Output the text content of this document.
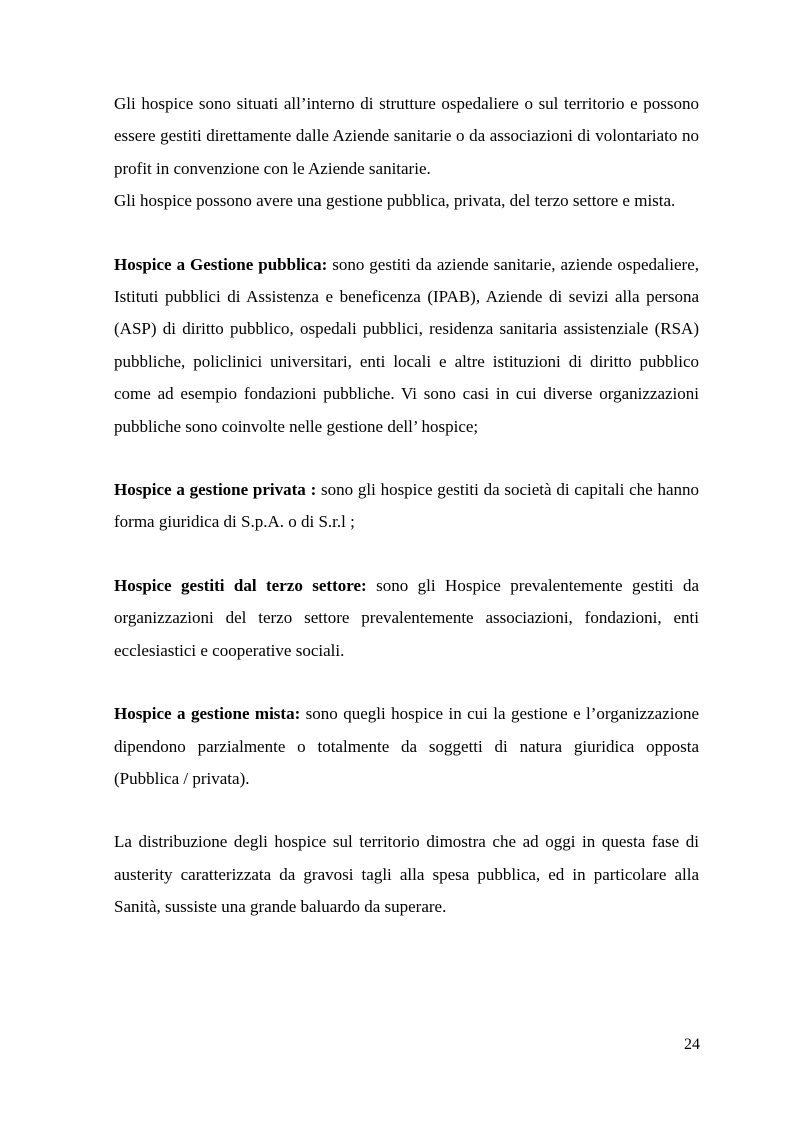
Gli hospice sono situati all’interno di strutture ospedaliere o sul territorio e possono essere gestiti direttamente dalle Aziende sanitarie o da associazioni di volontariato no profit in convenzione con le Aziende sanitarie.

Gli hospice possono avere una gestione pubblica, privata, del terzo settore e mista.

Hospice a Gestione pubblica: sono gestiti da aziende sanitarie, aziende ospedaliere, Istituti pubblici di Assistenza e beneficenza (IPAB), Aziende di sevizi alla persona (ASP) di diritto pubblico, ospedali pubblici, residenza sanitaria assistenziale (RSA) pubbliche, policlinici universitari, enti locali e altre istituzioni di diritto pubblico come ad esempio fondazioni pubbliche. Vi sono casi in cui diverse organizzazioni pubbliche sono coinvolte nelle gestione dell’ hospice;

Hospice a gestione privata : sono gli hospice gestiti da società di capitali che hanno forma giuridica di S.p.A. o di S.r.l ;

Hospice gestiti dal terzo settore: sono gli Hospice prevalentemente gestiti da organizzazioni del terzo settore prevalentemente associazioni, fondazioni, enti ecclesiastici e cooperative sociali.

Hospice a gestione mista: sono quegli hospice in cui la gestione e l’organizzazione dipendono parzialmente o totalmente da soggetti di natura giuridica opposta (Pubblica / privata).

La distribuzione degli hospice sul territorio dimostra che ad oggi in questa fase di austerity caratterizzata da gravosi tagli alla spesa pubblica, ed in particolare alla Sanità, sussiste una grande baluardo da superare.

24
